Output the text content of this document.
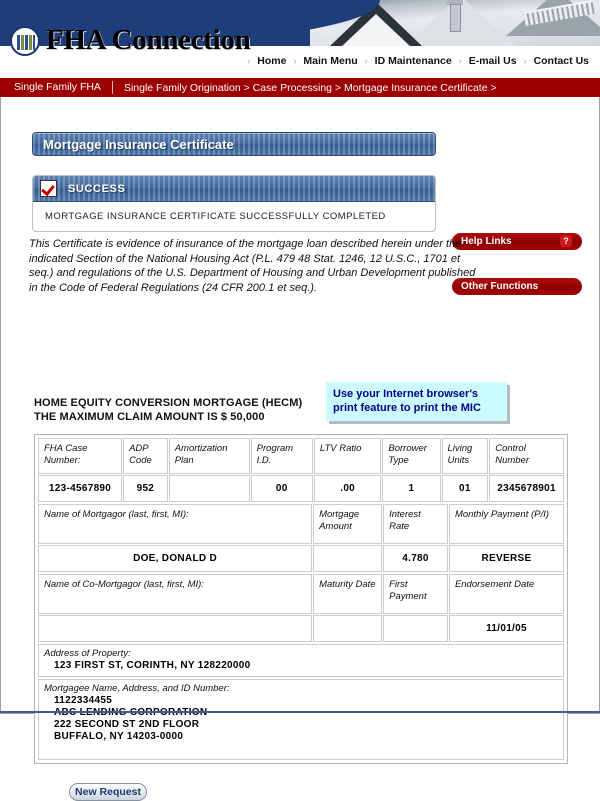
FHA Connection
› Home › Main Menu › ID Maintenance › E-mail Us › Contact Us
Single Family FHA	Single Family Origination > Case Processing > Mortgage Insurance Certificate >
Mortgage Insurance Certificate
SUCCESS
MORTGAGE INSURANCE CERTIFICATE SUCCESSFULLY COMPLETED
Help Links	?
Other Functions
This Certificate is evidence of insurance of the mortgage loan described herein under the indicated Section of the National Housing Act (P.L. 479 48 Stat. 1246, 12 U.S.C., 1701 et seq.) and regulations of the U.S. Department of Housing and Urban Development published in the Code of Federal Regulations (24 CFR 200.1 et seq.).
Use your Internet browser's print feature to print the MIC
HOME EQUITY CONVERSION MORTGAGE (HECM)
THE MAXIMUM CLAIM AMOUNT IS $ 50,000
FHA Case Number:	ADP Code	Amortization Plan	Program I.D.	LTV Ratio	Borrower Type	Living Units	Control Number
123-4567890	952		00	.00	1	01	2345678901
Name of Mortgagor (last, first, MI):	Mortgage Amount	Interest Rate	Monthly Payment (P/I)
DOE, DONALD D		4.780	REVERSE
Name of Co-Mortgagor (last, first, MI):	Maturity Date	First Payment	Endorsement Date
			11/01/05
Address of Property:
123 FIRST ST, CORINTH, NY 128220000
Mortgagee Name, Address, and ID Number:
1122334455
222 SECOND ST 2ND FLOOR
BUFFALO, NY 14203-0000
New Request
